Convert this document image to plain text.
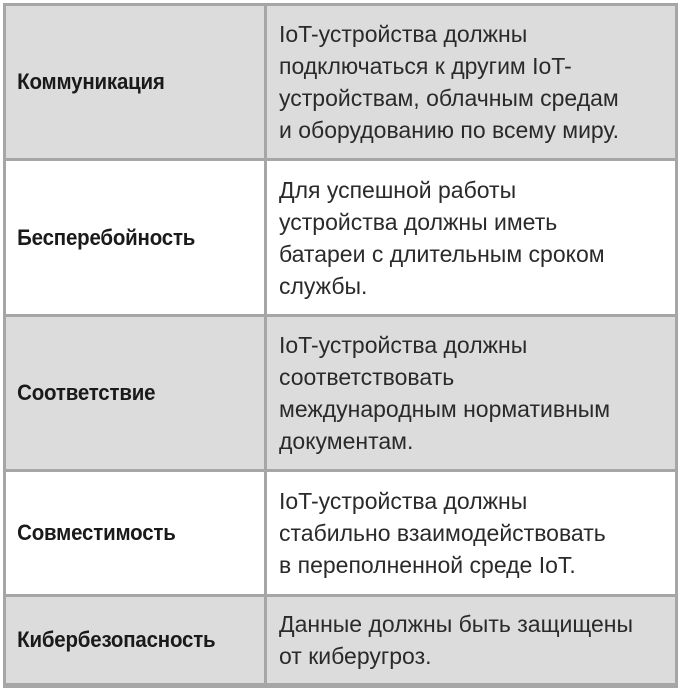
Коммуникация
IoT-устройства должны
подключаться к другим IoT-
устройствам, облачным средам
и оборудованию по всему миру.
Бесперебойность
Для успешной работы
устройства должны иметь
батареи с длительным сроком
службы.
Соответствие
IoT-устройства должны
соответствовать
международным нормативным
документам.
Совместимость
IoT-устройства должны
стабильно взаимодействовать
в переполненной среде IoT.
Кибербезопасность
Данные должны быть защищены
от киберугроз.
